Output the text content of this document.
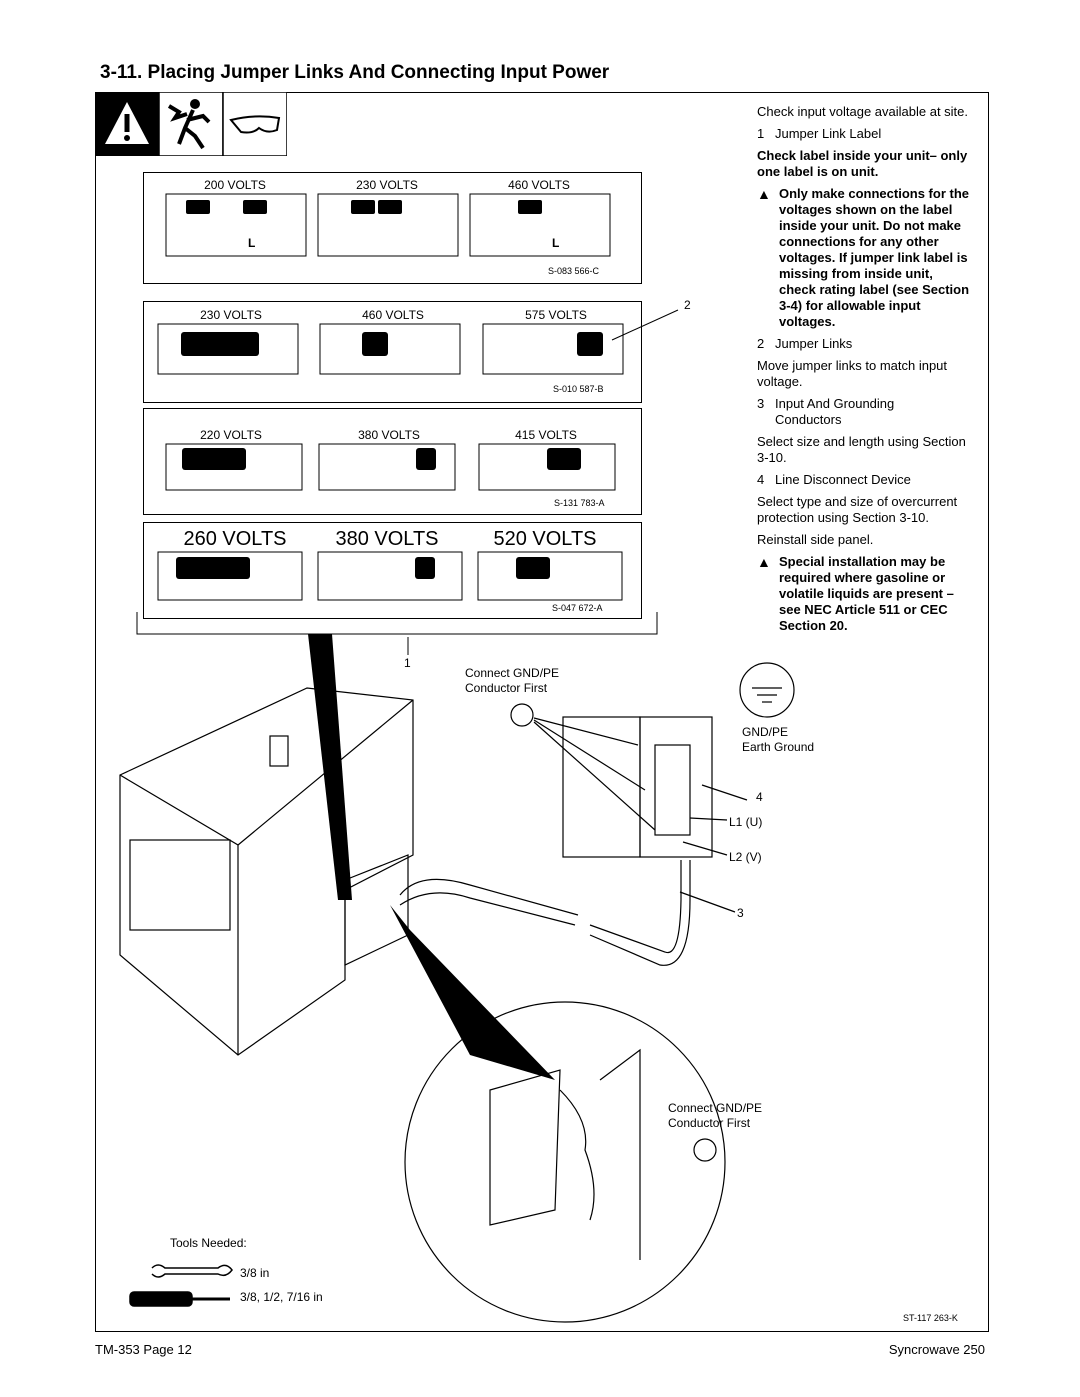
3-11. Placing Jumper Links And Connecting Input Power
200 VOLTS	230 VOLTS	460 VOLTS
S-083 566-C
230 VOLTS	460 VOLTS	575 VOLTS
S-010 587-B
220 VOLTS	380 VOLTS	415 VOLTS
S-131 783-A
260 VOLTS	380 VOLTS	520 VOLTS
S-047 672-A
L	L
1
2
3
4
Connect GND/PE Conductor First
GND/PE
Earth Ground
L1 (U)
L2 (V)
Connect GND/PE Conductor First
Tools Needed:
3/8 in
3/8, 1/2, 7/16 in
ST-117 263-K

Check input voltage available at site.

1 Jumper Link Label

Check label inside your unit– only one label is on unit.

▲ Only make connections for the voltages shown on the label inside your unit. Do not make connections for any other voltages. If jumper link label is missing from inside unit, check rating label (see Section 3-4) for allowable input voltages.

2 Jumper Links

Move jumper links to match input voltage.

3 Input And Grounding Conductors

Select size and length using Section 3-10.

4 Line Disconnect Device

Select type and size of overcurrent protection using Section 3-10.

Reinstall side panel.

▲ Special installation may be required where gasoline or volatile liquids are present – see NEC Article 511 or CEC Section 20.

TM-353 Page 12	Syncrowave 250
